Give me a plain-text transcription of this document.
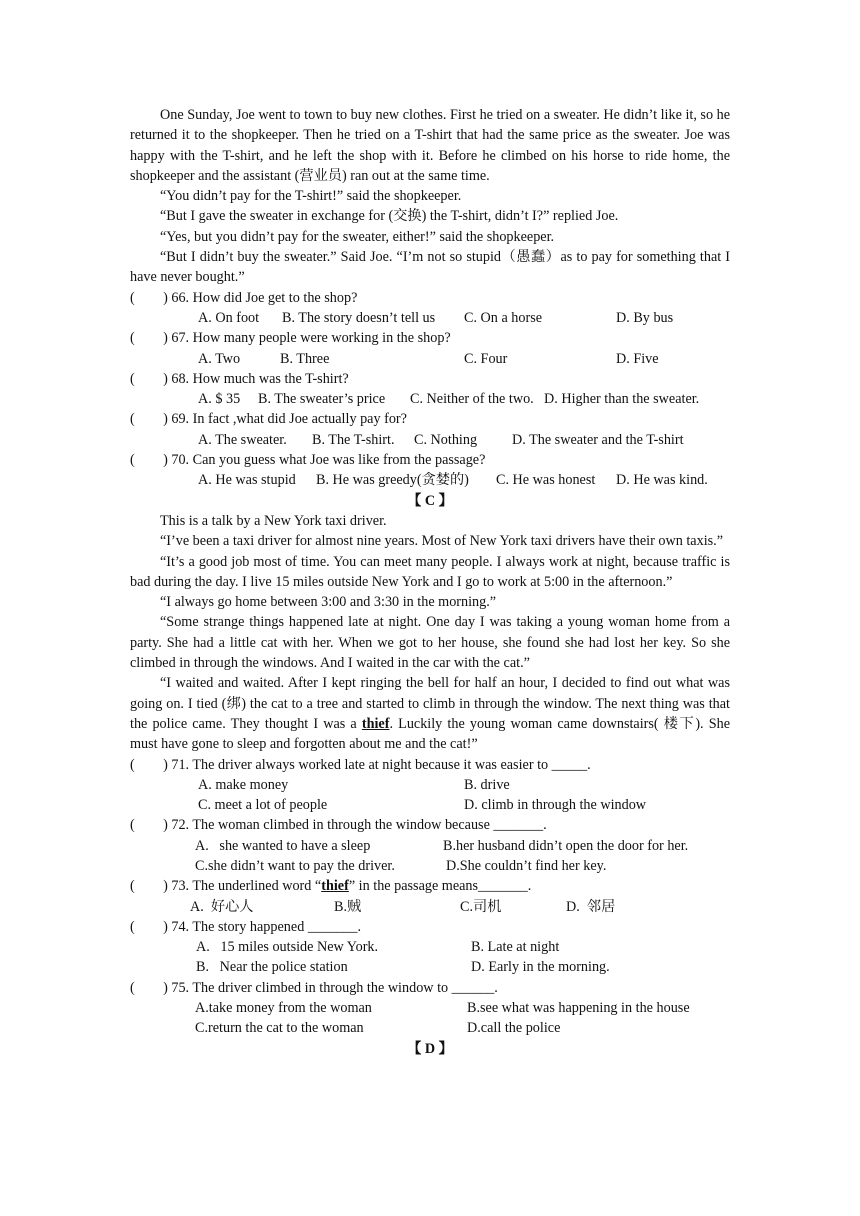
One Sunday, Joe went to town to buy new clothes. First he tried on a sweater. He didn’t like it, so he returned it to the shopkeeper. Then he tried on a T-shirt that had the same price as the sweater. Joe was happy with the T-shirt, and he left the shop with it. Before he climbed on his horse to ride home, the shopkeeper and the assistant (营业员) ran out at the same time.

“You didn’t pay for the T-shirt!” said the shopkeeper.

“But I gave the sweater in exchange for (交换) the T-shirt, didn’t I?” replied Joe.

“Yes, but you didn’t pay for the sweater, either!” said the shopkeeper.

“But I didn’t buy the sweater.” Said Joe. “I’m not so stupid（愚蠢）as to pay for something that I have never bought.”

(        ) 66. How did Joe get to the shop?
A. On foot B. The story doesn’t tell us C. On a horse	D. By bus
(        ) 67. How many people were working in the shop?
A. Two	B. Three	C. Four	D. Five
(        ) 68. How much was the T-shirt?
A. $ 35 B. The sweater’s price C. Neither of the two. D. Higher than the sweater.
(        ) 69. In fact ,what did Joe actually pay for?
A. The sweater. B. The T-shirt. C. Nothing D. The sweater and the T-shirt
(        ) 70. Can you guess what Joe was like from the passage?
A. He was stupid B. He was greedy(贪婪的) C. He was honest D. He was kind.
【 C 】

This is a talk by a New York taxi driver.

“I’ve been a taxi driver for almost nine years. Most of New York taxi drivers have their own taxis.”

“It’s a good job most of time. You can meet many people. I always work at night, because traffic is bad during the day. I live 15 miles outside New York and I go to work at 5:00 in the afternoon.”

“I always go home between 3:00 and 3:30 in the morning.”

“Some strange things happened late at night. One day I was taking a young woman home from a party. She had a little cat with her. When we got to her house, she found she had lost her key. So she climbed in through the windows. And I waited in the car with the cat.”

“I waited and waited. After I kept ringing the bell for half an hour, I decided to find out what was going on. I tied (绑) the cat to a tree and started to climb in through the window. The next thing was that the police came. They thought I was a thief. Luckily the young woman came downstairs( 楼下). She must have gone to sleep and forgotten about me and the cat!”

(        ) 71. The driver always worked late at night because it was easier to _____.
A. make money	B. drive
C. meet a lot of people	D. climb in through the window
(        ) 72. The woman climbed in through the window because _______.
A.   she wanted to have a sleep	B.her husband didn’t open the door for her.
C.she didn’t want to pay the driver.	D.She couldn’t find her key.
(        ) 73. The underlined word “thief” in the passage means_______.
A.  好心人	B.贼	C.司机	D.  邻居
(        ) 74. The story happened _______.
A.   15 miles outside New York.	B. Late at night
B.   Near the police station	D. Early in the morning.
(        ) 75. The driver climbed in through the window to ______.
A.take money from the woman	B.see what was happening in the house
C.return the cat to the woman	D.call the police
【 D 】
